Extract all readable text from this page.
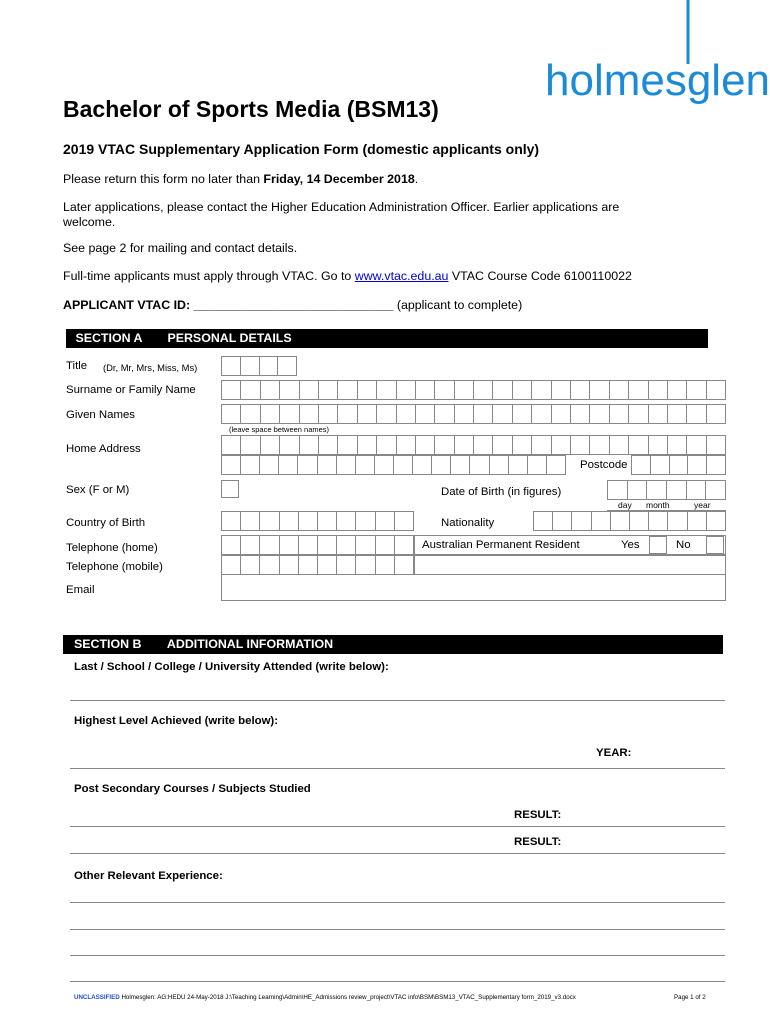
holmesglen
Bachelor of Sports Media (BSM13)
2019 VTAC Supplementary Application Form (domestic applicants only)
Please return this form no later than Friday, 14 December 2018.
Later applications, please contact the Higher Education Administration Officer. Earlier applications are
welcome.
See page 2 for mailing and contact details.
Full-time applicants must apply through VTAC. Go to www.vtac.edu.au VTAC Course Code 6100110022
APPLICANT VTAC ID: _____________________________ (applicant to complete)
SECTION A PERSONAL DETAILS
Title (Dr, Mr, Mrs, Miss, Ms)
Surname or Family Name
Given Names
(leave space between names)
Home Address
Postcode
Sex (F or M)	Date of Birth (in figures)
day month	year
Country of Birth	Nationality
Telephone (home)	Australian Permanent Resident	Yes	No
Telephone (mobile)
Email
SECTION B ADDITIONAL INFORMATION
Last / School / College / University Attended (write below):
Highest Level Achieved (write below):
YEAR:
Post Secondary Courses / Subjects Studied
RESULT:
RESULT:
Other Relevant Experience:
UNCLASSIFIED Holmesglen: AG:HEDU 24-May-2018 J:\Teaching Learning\Admin\HE_Admissions review_project\VTAC info\BSM\BSM13_VTAC_Supplementary form_2019_v3.docx	Page 1 of 2
